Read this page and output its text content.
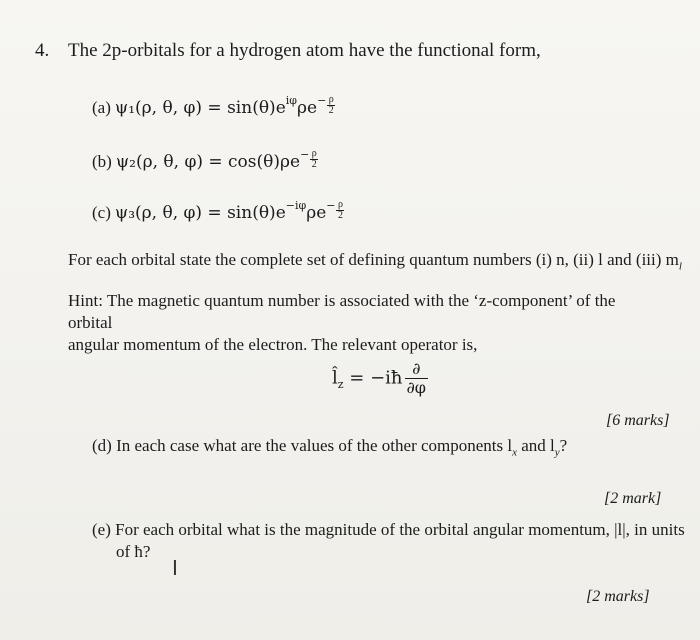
4. The 2p-orbitals for a hydrogen atom have the functional form,
(a) ψ₁(ρ, θ, $\varphi) = \sin(\theta)e^{i\varphi}\rho e^- \frac{\rho}{2}$
(b) ψ₂(ρ, θ, $\varphi) = \cos(\theta)\rho e^- \frac{\rho}{2}$
(c) ψ₃(ρ, θ, $\varphi) = \sin(\theta)e^{-i\varphi}\rho e^- \frac{\rho}{2}$
For each orbital state the complete set of defining quantum numbers (i) n, (ii) l and (iii) $m_l$
Hint: The magnetic quantum number is associated with the ‘z-component’ of the orbital
angular momentum of the electron. The relevant operator is,
$l̂_z$ = −iħ $\frac{\partial}{\partial\varphi}$
[6 marks]
(d) In each case what are the values of the other components $l_x$ and $l_y$?
[2 mark]
(e) For each orbital what is the magnitude of the orbital angular momentum, |l|, in units
of ħ?
I
[2 marks]
